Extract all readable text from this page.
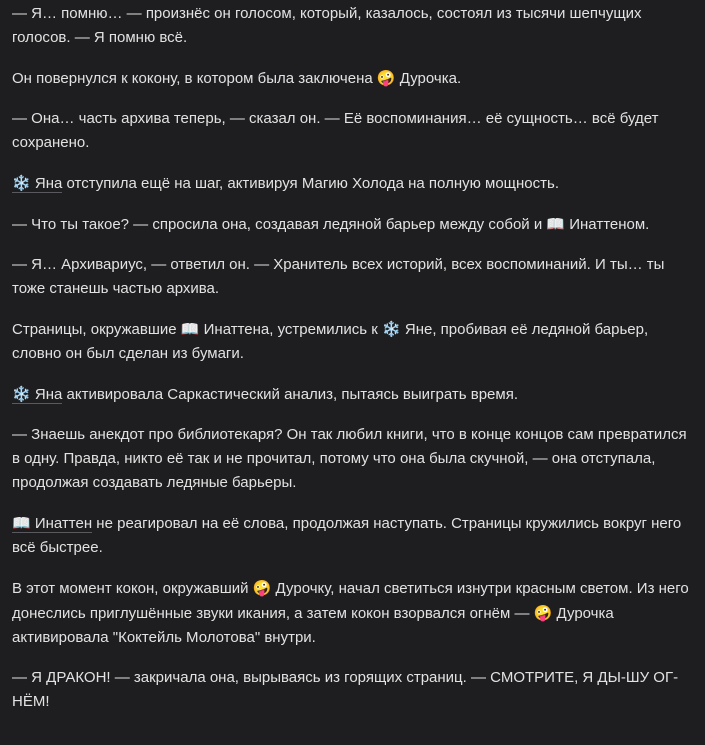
— Я… помню… — произнёс он голосом, который, казалось, состоял из тысячи шепчущих голосов. — Я помню всё.

Он повернулся к кокону, в котором была заключена 🤪 Дурочка.

— Она… часть архива теперь, — сказал он. — Её воспоминания… её сущность… всё будет сохранено.

❄️ Яна отступила ещё на шаг, активируя Магию Холода на полную мощность.

— Что ты такое? — спросила она, создавая ледяной барьер между собой и 📖 Инаттеном.

— Я… Архивариус, — ответил он. — Хранитель всех историй, всех воспоминаний. И ты… ты тоже станешь частью архива.

Страницы, окружавшие 📖 Инаттена, устремились к ❄️ Яне, пробивая её ледяной барьер, словно он был сделан из бумаги.

❄️ Яна активировала Саркастический анализ, пытаясь выиграть время.

— Знаешь анекдот про библиотекаря? Он так любил книги, что в конце концов сам превратился в одну. Правда, никто её так и не прочитал, потому что она была скучной, — она отступала, продолжая создавать ледяные барьеры.

📖 Инаттен не реагировал на её слова, продолжая наступать. Страницы кружились вокруг него всё быстрее.

В этот момент кокон, окружавший 🤪 Дурочку, начал светиться изнутри красным светом. Из него донеслись приглушённые звуки икания, а затем кокон взорвался огнём — 🤪 Дурочка активировала "Коктейль Молотова" внутри.

— Я ДРАКОН! — закричала она, вырываясь из горящих страниц. — СМОТРИТЕ, Я ДЫ-ШУ ОГ-НЁМ!
